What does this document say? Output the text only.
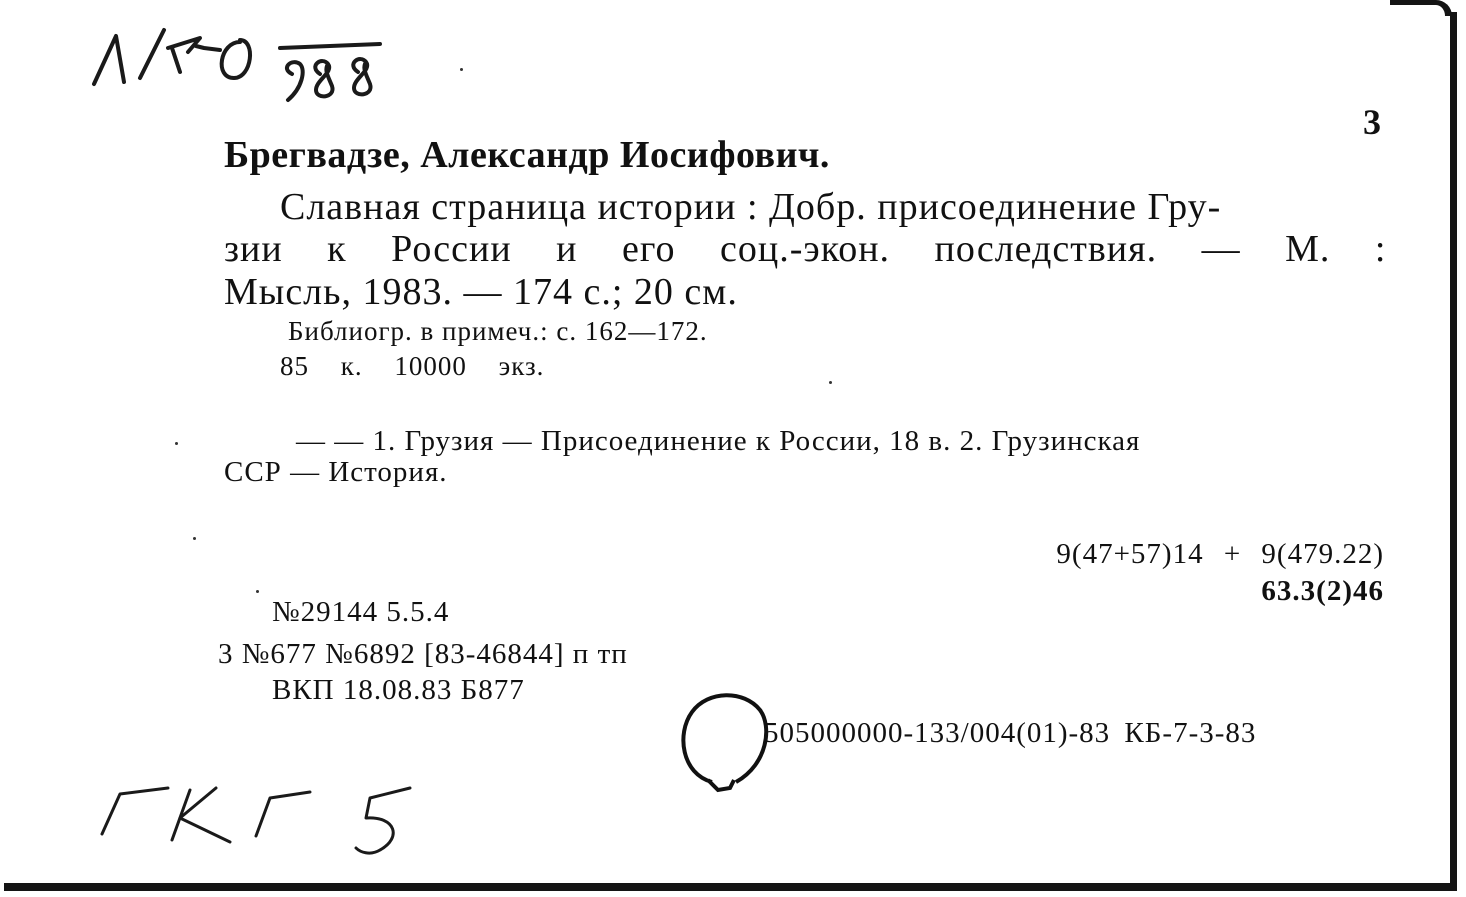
3
Брегвадзе, Александр Иосифович.
Славная страница истории : Добр. присоединение Гру-
зии к России и его соц.-экон. последствия. — М. :
Мысль, 1983. — 174 с.; 20 см.
Библиогр. в примеч.: с. 162—172.
85 к. 10000 экз.
— — 1. Грузия — Присоединение к России, 18 в. 2. Грузинская
ССР — История.
9(47+57)14 + 9(479.22)
63.3(2)46
№29144 5.5.4
3 №677 №6892 [83-46844] п тп
ВКП 18.08.83 Б877
505000000-133/004(01)-83 КБ-7-3-83
